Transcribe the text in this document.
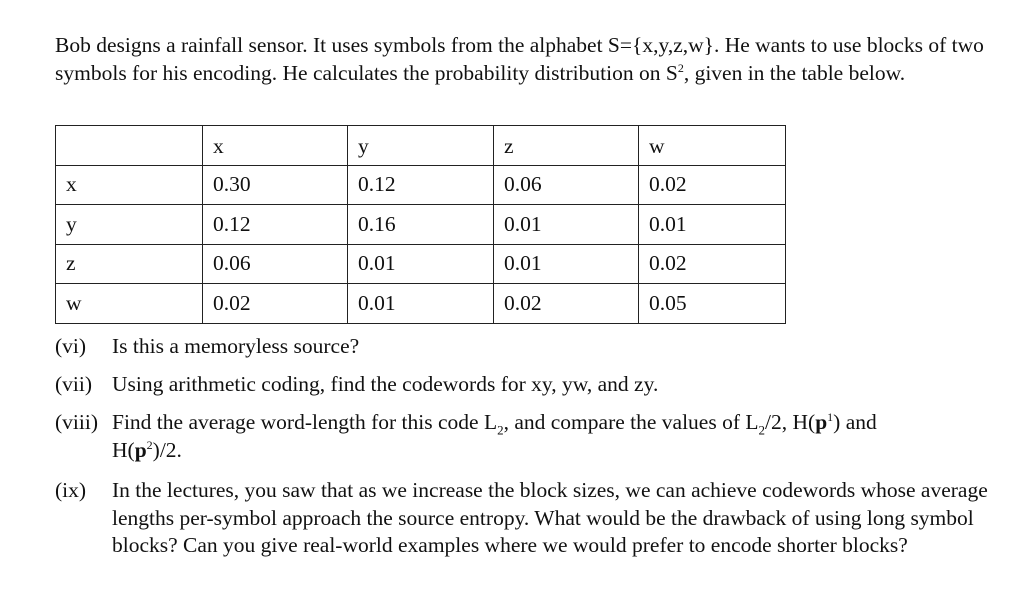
Bob designs a rainfall sensor. It uses symbols from the alphabet S={x,y,z,w}. He wants to use blocks of two symbols for his encoding. He calculates the probability distribution on $S^2$, given in the table below.

	x	y	z	w
x	0.30	0.12	0.06	0.02
y	0.12	0.16	0.01	0.01
z	0.06	0.01	0.01	0.02
w	0.02	0.01	0.02	0.05
(vi) Is this a memoryless source?
(vii) Using arithmetic coding, find the codewords for xy, yw, and zy.
(viii) Find the average word-length for this code $L_2$, and compare the values of $L_2/2$, $H(p^1)$ and
$H(p^2)/2$.
(ix) In the lectures, you saw that as we increase the block sizes, we can achieve codewords whose average lengths per-symbol approach the source entropy. What would be the drawback of using long symbol blocks? Can you give real-world examples where we would prefer to encode shorter blocks?
